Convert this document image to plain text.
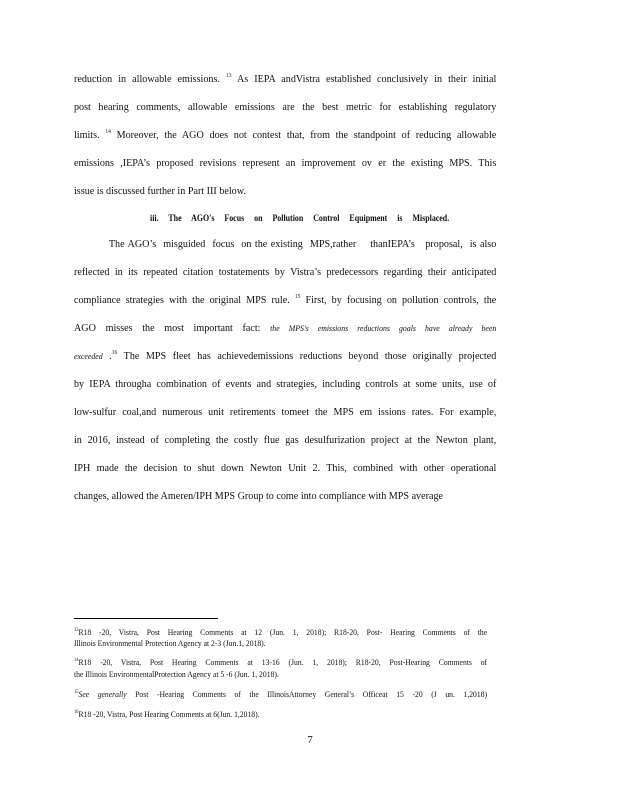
reduction in allowable emissions. $^{13}$ As IEPA andVistra established conclusively in their initial
post hearing comments, allowable emissions are the best metric for establishing regulatory
limits. $^{14}$ Moreover, the AGO does not contest that, from the standpoint of reducing allowable
emissions ,IEPA’s proposed revisions represent an improvement ov er the existing MPS. This
issue is discussed further in Part III below.
iii. The AGO's Focus on Pollution Control Equipment is Misplaced.
The AGO’s  misguided  focus  on the existing  MPS,rather    thanIEPA’s   proposal,  is also
reflected in its repeated citation tostatements by Vistra’s predecessors regarding their anticipated
compliance strategies with the original MPS rule. $^{15}$ First, by focusing on pollution controls, the
AGO misses the most important fact: the MPS's emissions reductions goals have already been
exceeded .$^{16}$ The MPS fleet has achievedemissions reductions beyond those originally projected
by IEPA througha combination of events and strategies, including controls at some units, use of
low-sulfur coal,and numerous unit retirements tomeet the MPS em issions rates. For example,
in 2016, instead of completing the costly flue gas desulfurization project at the Newton plant,
IPH made the decision to shut down Newton Unit 2. This, combined with other operational
changes, allowed the Ameren/IPH MPS Group to come into compliance with MPS average
$^{13}$R18 -20, Vistra, Post Hearing Comments at 12 (Jun. 1, 2018); R18-20, Post- Hearing Comments of the
Illinois Environmental Protection Agency at 2-3 (Jun.1, 2018).
$^{14}$R18 -20, Vistra, Post Hearing Comments at 13-16 (Jun. 1, 2018); R18-20, Post-Hearing Comments of
the Illinois EnvironmentalProtection Agency at 5 -6 (Jun. 1, 2018).
$^{15}$See generally Post -Hearing Comments of the IllinoisAttorney General’s Officeat 15 -20 (J un. 1,2018)
$^{16}$R18 -20, Vistra, Post Hearing Comments at 6(Jun. 1,2018).
7
